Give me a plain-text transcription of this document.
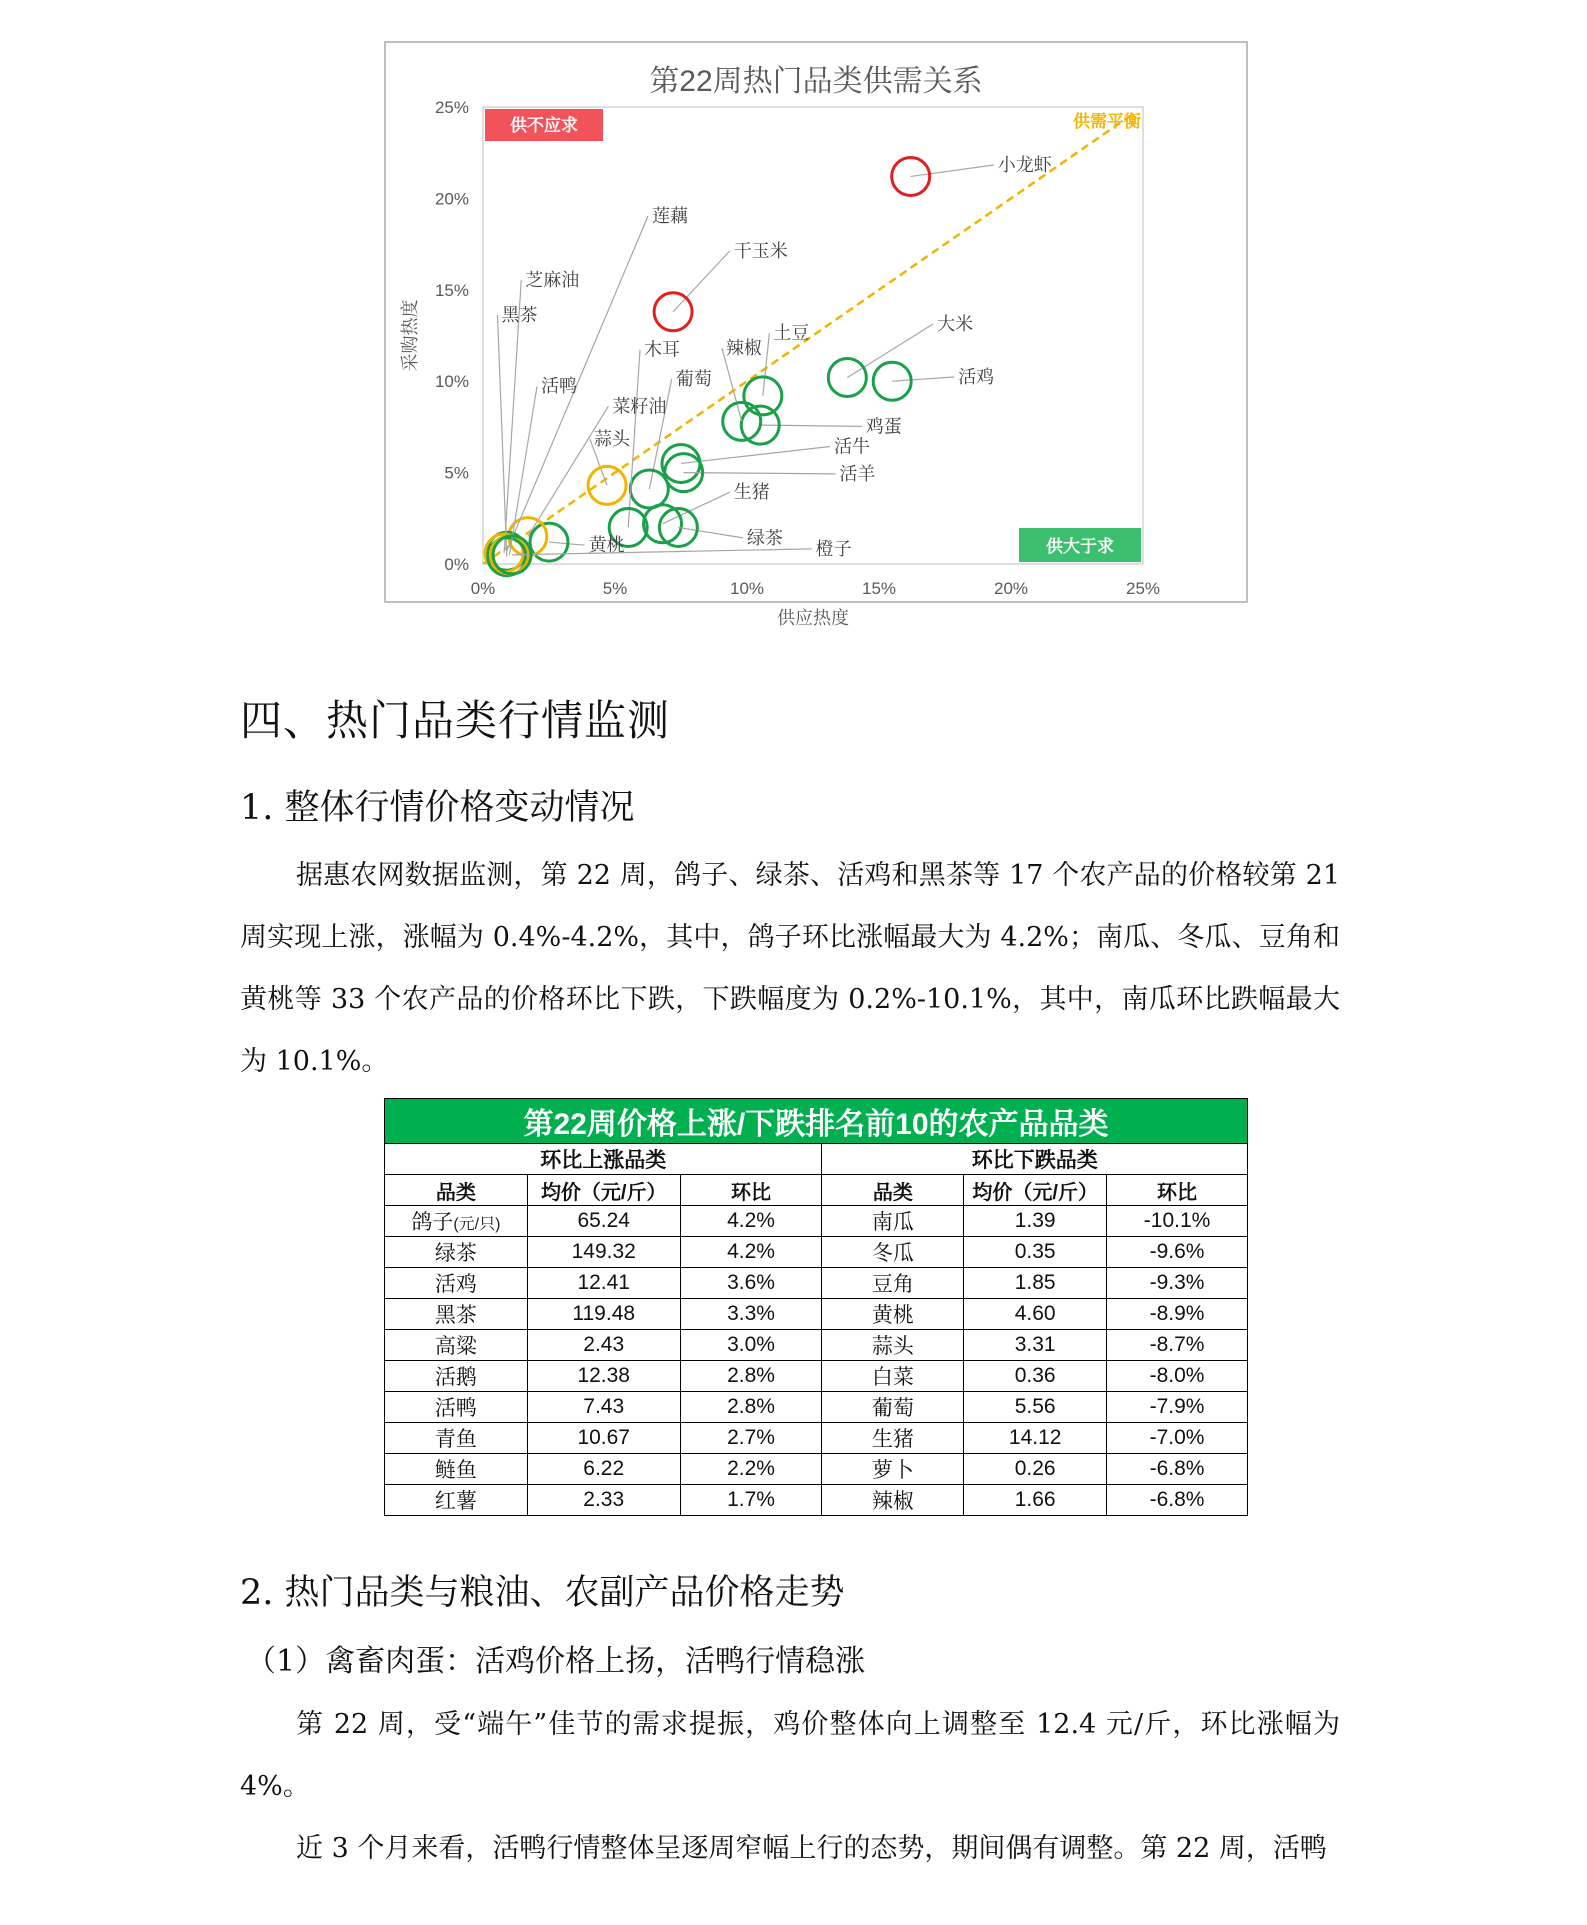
第22周热门品类供需关系
0%	5%	10%	15%	20%	25%
0%
5%
10%
15%
20%
25%
供应热度
采购热度
供不应求
供大于求
供需平衡
小龙虾
干玉米
大米
活鸡
土豆
鸡蛋
辣椒
活牛
活羊
葡萄
木耳
生猪
绿茶
蒜头
黄桃
菜籽油
莲藕
芝麻油
黑茶
活鸭
橙子
四、热门品类行情监测
1. 整体行情价格变动情况
据惠农网数据监测，第 22 周，鸽子、绿茶、活鸡和黑茶等 17 个农产品的价格较第 21 周实现上涨，涨幅为 0.4%-4.2%，其中，鸽子环比涨幅最大为 4.2%；南瓜、冬瓜、豆角和黄桃等 33 个农产品的价格环比下跌，下跌幅度为 0.2%-10.1%，其中，南瓜环比跌幅最大为 10.1%。
第22周价格上涨/下跌排名前10的农产品品类					
环比上涨品类			环比下跌品类		
品类	均价（元/斤）	环比	品类	均价（元/斤）	环比
鸽子(元/只)	65.24	4.2%	南瓜	1.39	-10.1%
绿茶	149.32	4.2%	冬瓜	0.35	-9.6%
活鸡	12.41	3.6%	豆角	1.85	-9.3%
黑茶	119.48	3.3%	黄桃	4.60	-8.9%
高粱	2.43	3.0%	蒜头	3.31	-8.7%
活鹅	12.38	2.8%	白菜	0.36	-8.0%
活鸭	7.43	2.8%	葡萄	5.56	-7.9%
青鱼	10.67	2.7%	生猪	14.12	-7.0%
鲢鱼	6.22	2.2%	萝卜	0.26	-6.8%
红薯	2.33	1.7%	辣椒	1.66	-6.8%
2. 热门品类与粮油、农副产品价格走势
（1）禽畜肉蛋：活鸡价格上扬，活鸭行情稳涨
第 22 周，受“端午”佳节的需求提振，鸡价整体向上调整至 12.4 元/斤，环比涨幅为 4%。
近 3 个月来看，活鸭行情整体呈逐周窄幅上行的态势，期间偶有调整。第 22 周，活鸭
